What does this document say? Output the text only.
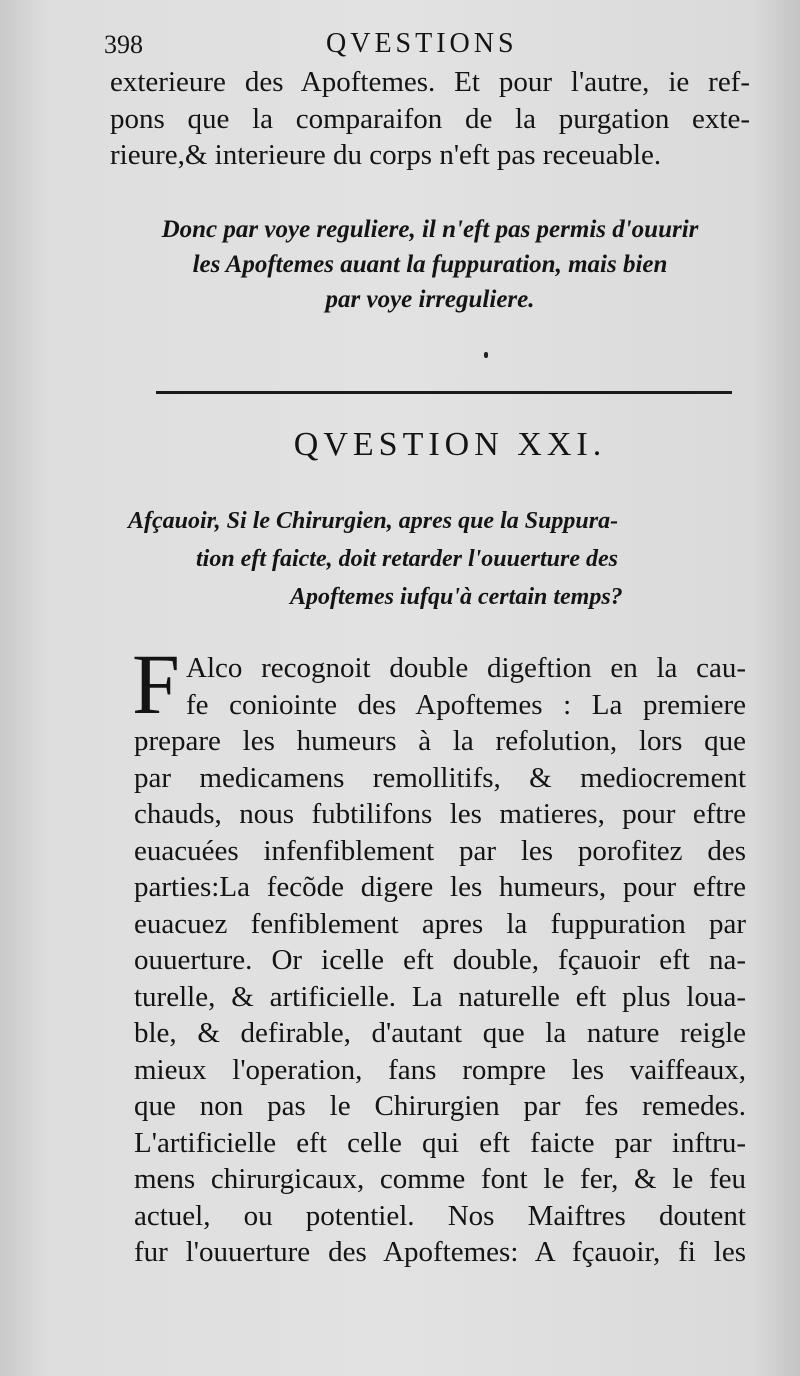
398	QVESTIONS
exterieure des Apoftemes. Et pour l'autre, ie ref-
pons que la comparaifon de la purgation exte-
rieure,& interieure du corps n'eft pas receuable.
Donc par voye reguliere, il n'eft pas permis d'ouurir
les Apoftemes auant la fuppuration, mais bien
par voye irreguliere.
QVESTION XXI.
Afçauoir, Si le Chirurgien, apres que la Suppura-
tion eft faicte, doit retarder l'ouuerture des
Apoftemes iufqu'à certain temps?
F Alco recognoit double digeftion en la cau-
fe coniointe des Apoftemes : La premiere
prepare les humeurs à la refolution, lors que
par medicamens remollitifs, & mediocrement
chauds, nous fubtilifons les matieres, pour eftre
euacuées infenfiblement par les porofitez des
parties:La fecõde digere les humeurs, pour eftre
euacuez fenfiblement apres la fuppuration par
ouuerture. Or icelle eft double, fçauoir eft na-
turelle, & artificielle. La naturelle eft plus loua-
ble, & defirable, d'autant que la nature reigle
mieux l'operation, fans rompre les vaiffeaux,
que non pas le Chirurgien par fes remedes.
L'artificielle eft celle qui eft faicte par inftru-
mens chirurgicaux, comme font le fer, & le feu
actuel, ou potentiel. Nos Maiftres doutent
fur l'ouuerture des Apoftemes: A fçauoir, fi les
